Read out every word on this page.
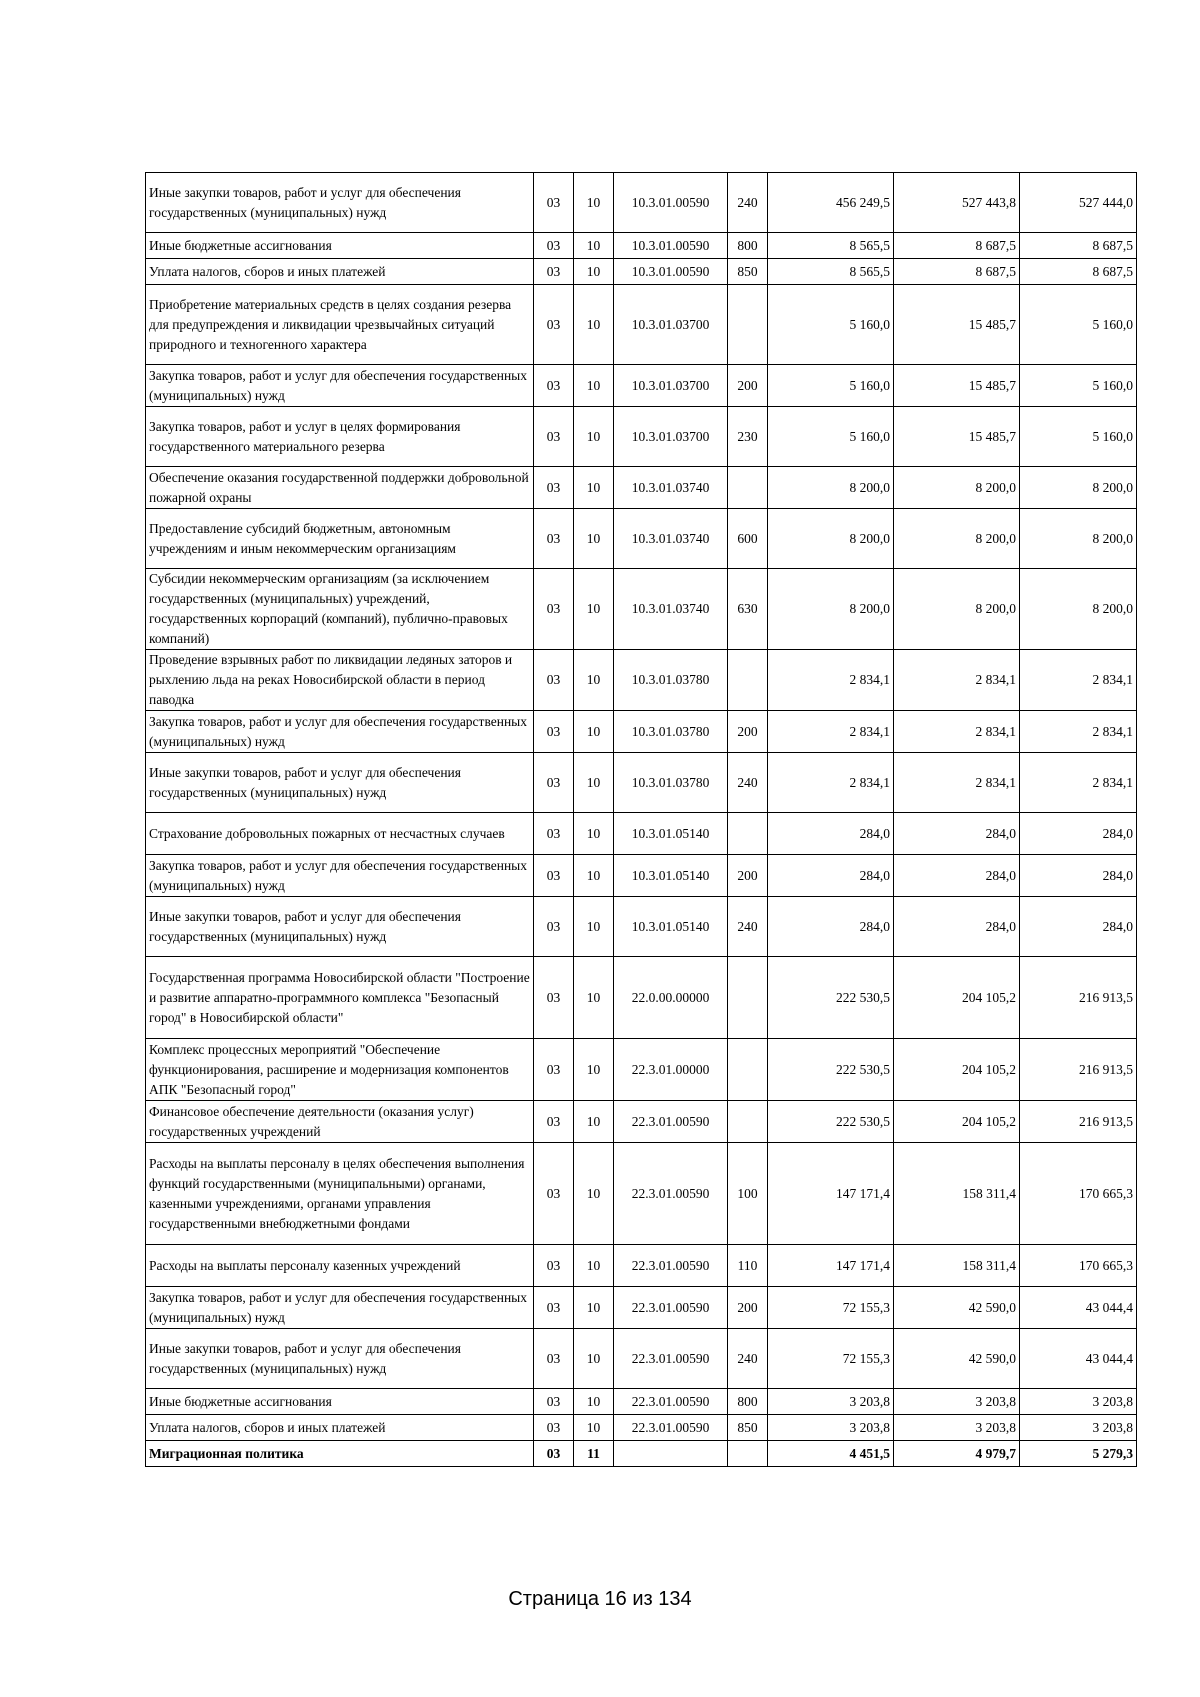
Иные закупки товаров, работ и услуг для обеспечения государственных (муниципальных) нужд	03	10	10.3.01.00590	240	456 249,5	527 443,8	527 444,0
Иные бюджетные ассигнования	03	10	10.3.01.00590	800	8 565,5	8 687,5	8 687,5
Уплата налогов, сборов и иных платежей	03	10	10.3.01.00590	850	8 565,5	8 687,5	8 687,5
Приобретение материальных средств в целях создания резерва для предупреждения и ликвидации чрезвычайных ситуаций природного и техногенного характера	03	10	10.3.01.03700		5 160,0	15 485,7	5 160,0
Закупка товаров, работ и услуг для обеспечения государственных (муниципальных) нужд	03	10	10.3.01.03700	200	5 160,0	15 485,7	5 160,0
Закупка товаров, работ и услуг в целях формирования государственного материального резерва	03	10	10.3.01.03700	230	5 160,0	15 485,7	5 160,0
Обеспечение оказания государственной поддержки добровольной пожарной охраны	03	10	10.3.01.03740		8 200,0	8 200,0	8 200,0
Предоставление субсидий бюджетным, автономным учреждениям и иным некоммерческим организациям	03	10	10.3.01.03740	600	8 200,0	8 200,0	8 200,0
Субсидии некоммерческим организациям (за исключением государственных (муниципальных) учреждений, государственных корпораций (компаний), публично-правовых компаний)	03	10	10.3.01.03740	630	8 200,0	8 200,0	8 200,0
Проведение взрывных работ по ликвидации ледяных заторов и рыхлению льда на реках Новосибирской области в период паводка	03	10	10.3.01.03780		2 834,1	2 834,1	2 834,1
Закупка товаров, работ и услуг для обеспечения государственных (муниципальных) нужд	03	10	10.3.01.03780	200	2 834,1	2 834,1	2 834,1
Иные закупки товаров, работ и услуг для обеспечения государственных (муниципальных) нужд	03	10	10.3.01.03780	240	2 834,1	2 834,1	2 834,1
Страхование добровольных пожарных от несчастных случаев	03	10	10.3.01.05140		284,0	284,0	284,0
Закупка товаров, работ и услуг для обеспечения государственных (муниципальных) нужд	03	10	10.3.01.05140	200	284,0	284,0	284,0
Иные закупки товаров, работ и услуг для обеспечения государственных (муниципальных) нужд	03	10	10.3.01.05140	240	284,0	284,0	284,0
Государственная программа Новосибирской области "Построение и развитие аппаратно-программного комплекса "Безопасный город" в Новосибирской области"	03	10	22.0.00.00000		222 530,5	204 105,2	216 913,5
Комплекс процессных мероприятий "Обеспечение функционирования, расширение и модернизация компонентов АПК "Безопасный город"	03	10	22.3.01.00000		222 530,5	204 105,2	216 913,5
Финансовое обеспечение деятельности (оказания услуг) государственных учреждений	03	10	22.3.01.00590		222 530,5	204 105,2	216 913,5
Расходы на выплаты персоналу в целях обеспечения выполнения функций государственными (муниципальными) органами, казенными учреждениями, органами управления государственными внебюджетными фондами	03	10	22.3.01.00590	100	147 171,4	158 311,4	170 665,3
Расходы на выплаты персоналу казенных учреждений	03	10	22.3.01.00590	110	147 171,4	158 311,4	170 665,3
Закупка товаров, работ и услуг для обеспечения государственных (муниципальных) нужд	03	10	22.3.01.00590	200	72 155,3	42 590,0	43 044,4
Иные закупки товаров, работ и услуг для обеспечения государственных (муниципальных) нужд	03	10	22.3.01.00590	240	72 155,3	42 590,0	43 044,4
Иные бюджетные ассигнования	03	10	22.3.01.00590	800	3 203,8	3 203,8	3 203,8
Уплата налогов, сборов и иных платежей	03	10	22.3.01.00590	850	3 203,8	3 203,8	3 203,8
Миграционная политика	03	11			4 451,5	4 979,7	5 279,3
Страница 16 из 134
